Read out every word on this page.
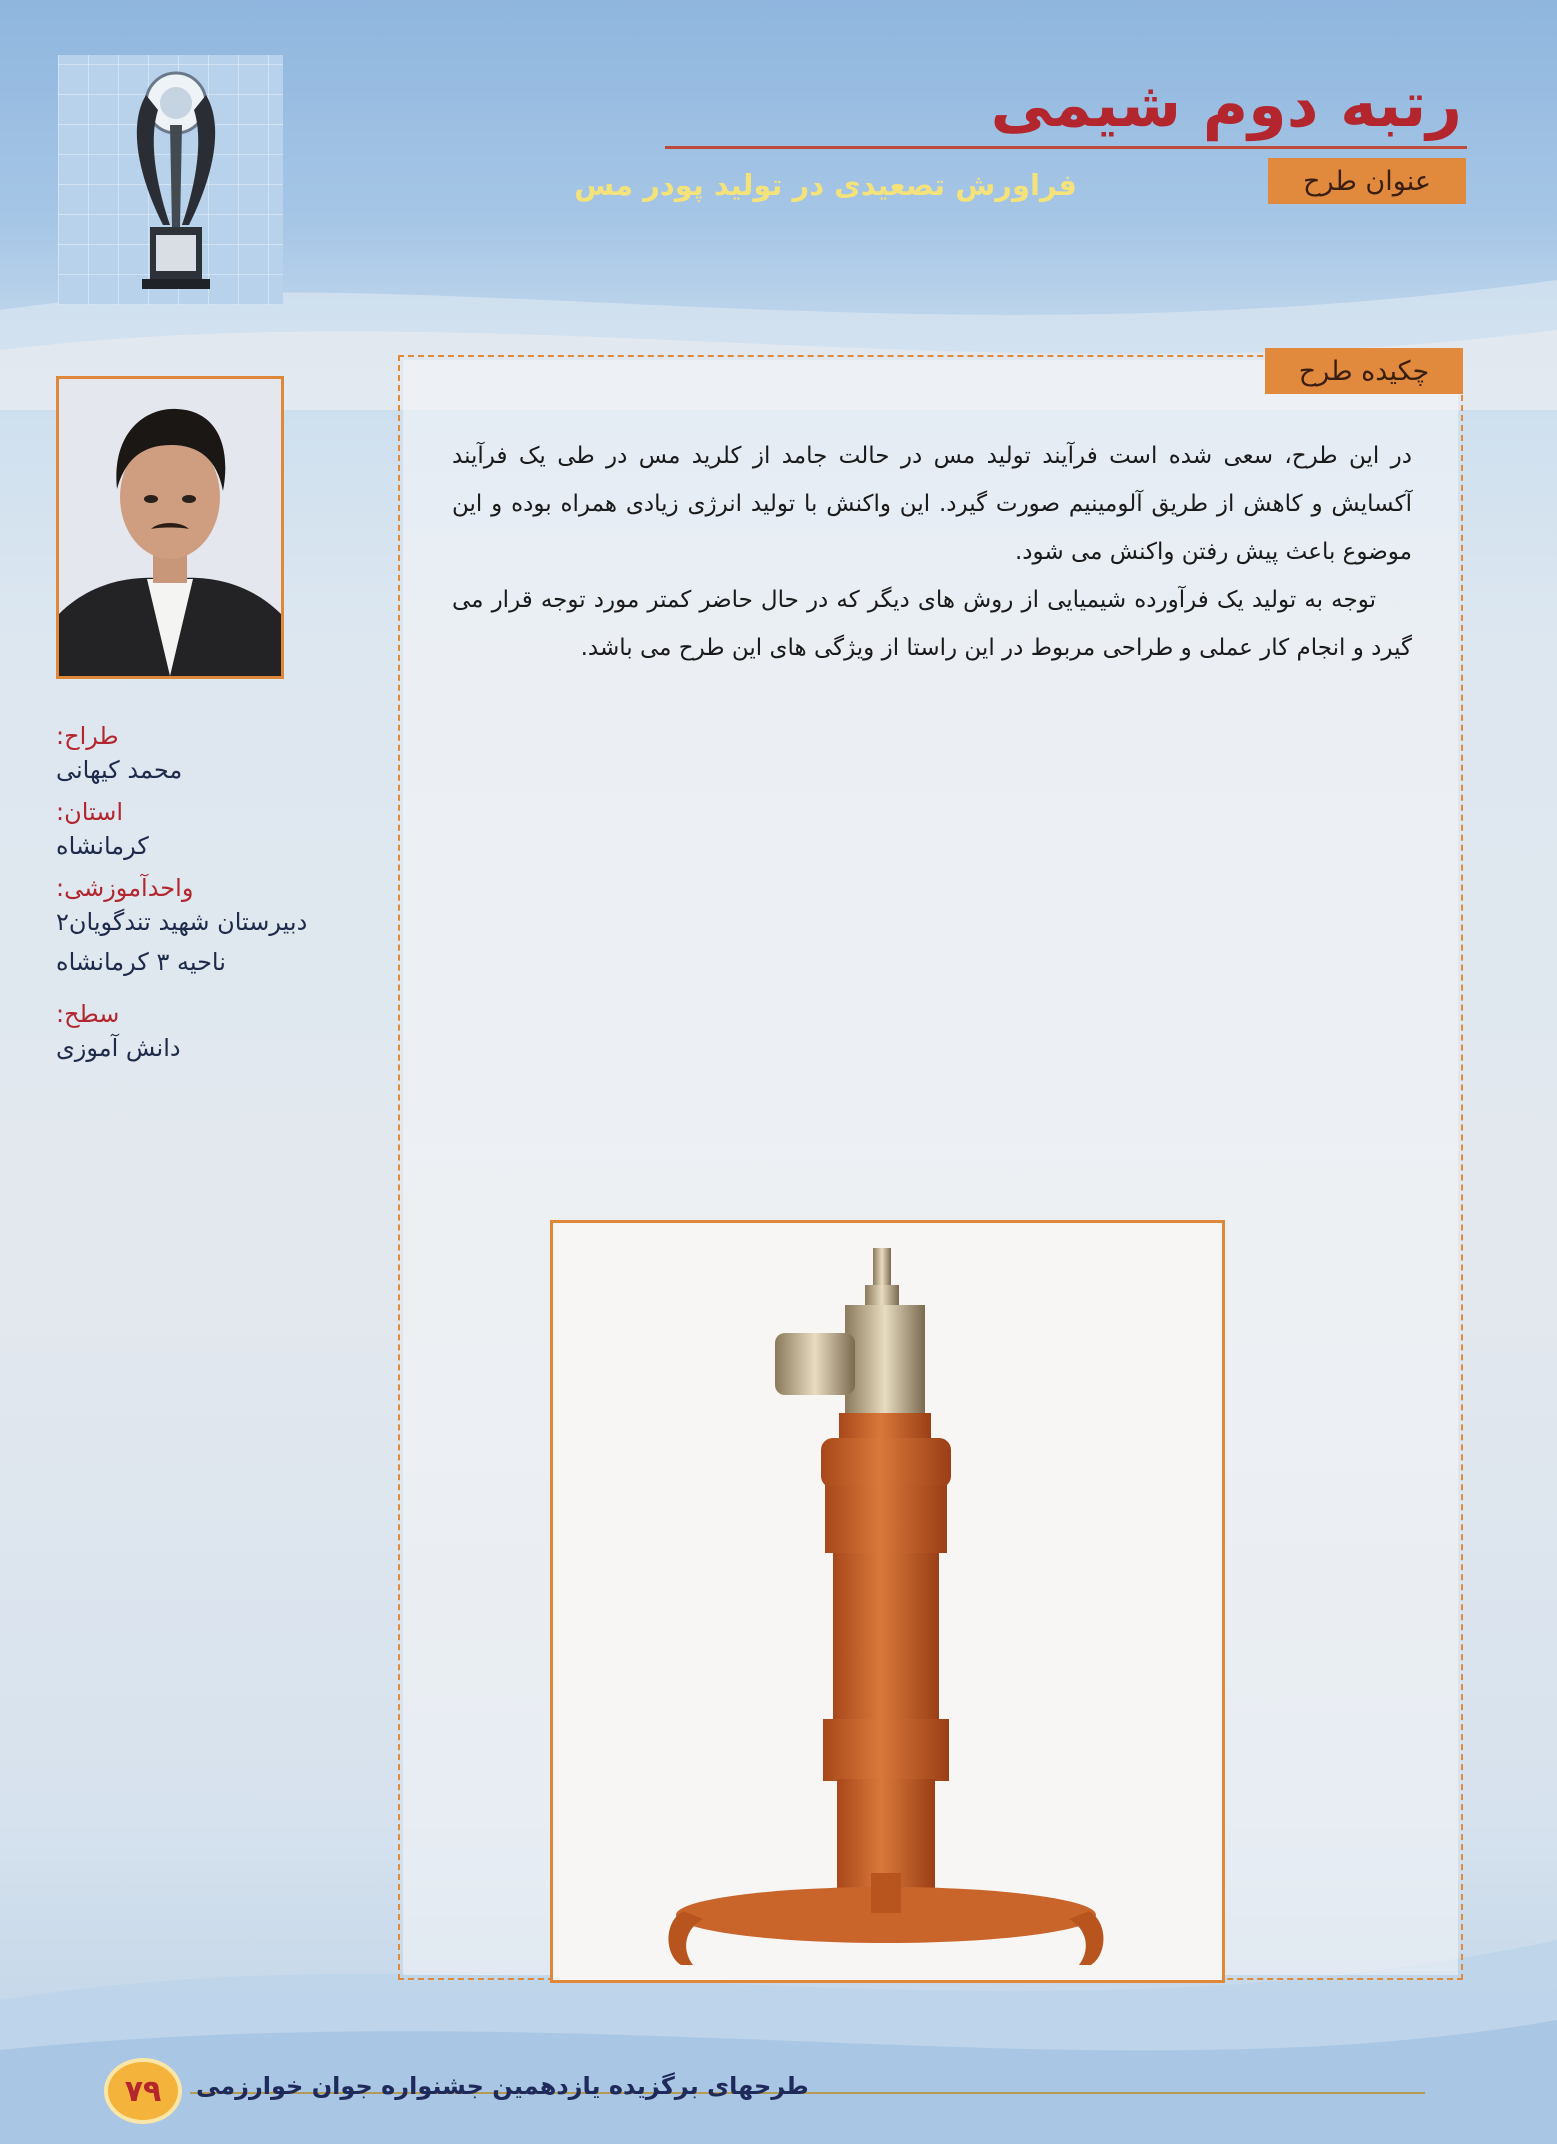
رتبه دوم شیمی
عنوان طرح
فراورش تصعیدی در تولید پودر مس
چکیده طرح

در این طرح، سعی شده است فرآیند تولید مس در حالت جامد از کلرید مس در طی یک فرآیند آکسایش و کاهش از طریق آلومینیم صورت گیرد. این واکنش با تولید انرژی زیادی همراه بوده و این موضوع باعث پیش رفتن واکنش می شود.

توجه به تولید یک فرآورده شیمیایی از روش های دیگر که در حال حاضر کمتر مورد توجه قرار می گیرد و انجام کار عملی و طراحی مربوط در این راستا از ویژگی های این طرح می باشد.

طراح:
محمد کیهانی
استان:
کرمانشاه
واحدآموزشی:
دبیرستان شهید تندگویان۲
ناحیه ۳ کرمانشاه
سطح:
دانش آموزی

طرحهای برگزیده یازدهمین جشنواره جوان خوارزمی

۷۹
